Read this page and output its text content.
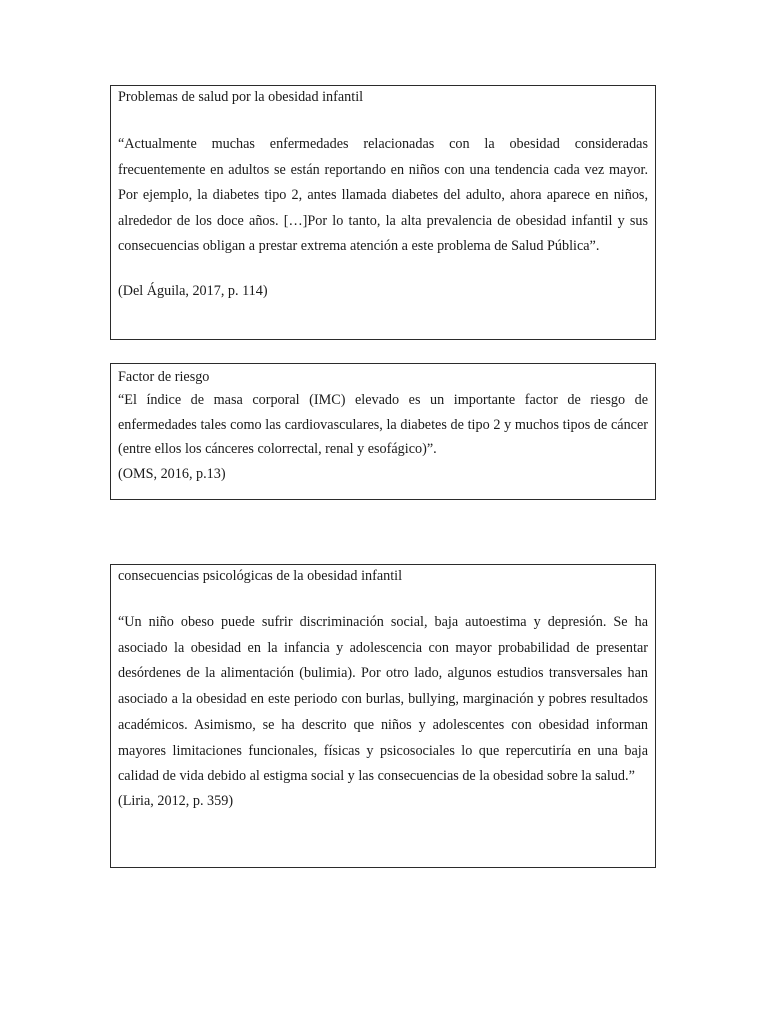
Problemas de salud por la obesidad infantil

“Actualmente muchas enfermedades relacionadas con la obesidad consideradas frecuentemente en adultos se están reportando en niños con una tendencia cada vez mayor. Por ejemplo, la diabetes tipo 2, antes llamada diabetes del adulto, ahora aparece en niños, alrededor de los doce años. […]Por lo tanto, la alta prevalencia de obesidad infantil y sus consecuencias obligan a prestar extrema atención a este problema de Salud Pública”.

(Del Águila, 2017, p. 114)

Factor de riesgo

“El índice de masa corporal (IMC) elevado es un importante factor de riesgo de enfermedades tales como las cardiovasculares, la diabetes de tipo 2 y muchos tipos de cáncer (entre ellos los cánceres colorrectal, renal y esofágico)”.

(OMS, 2016, p.13)

consecuencias psicológicas de la obesidad infantil

“Un niño obeso puede sufrir discriminación social, baja autoestima y depresión. Se ha asociado la obesidad en la infancia y adolescencia con mayor probabilidad de presentar desórdenes de la alimentación (bulimia). Por otro lado, algunos estudios transversales han asociado a la obesidad en este periodo con burlas, bullying, marginación y pobres resultados académicos. Asimismo, se ha descrito que niños y adolescentes con obesidad informan mayores limitaciones funcionales, físicas y psicosociales lo que repercutiría en una baja calidad de vida debido al estigma social y las consecuencias de la obesidad sobre la salud.”

(Liria, 2012, p. 359)
